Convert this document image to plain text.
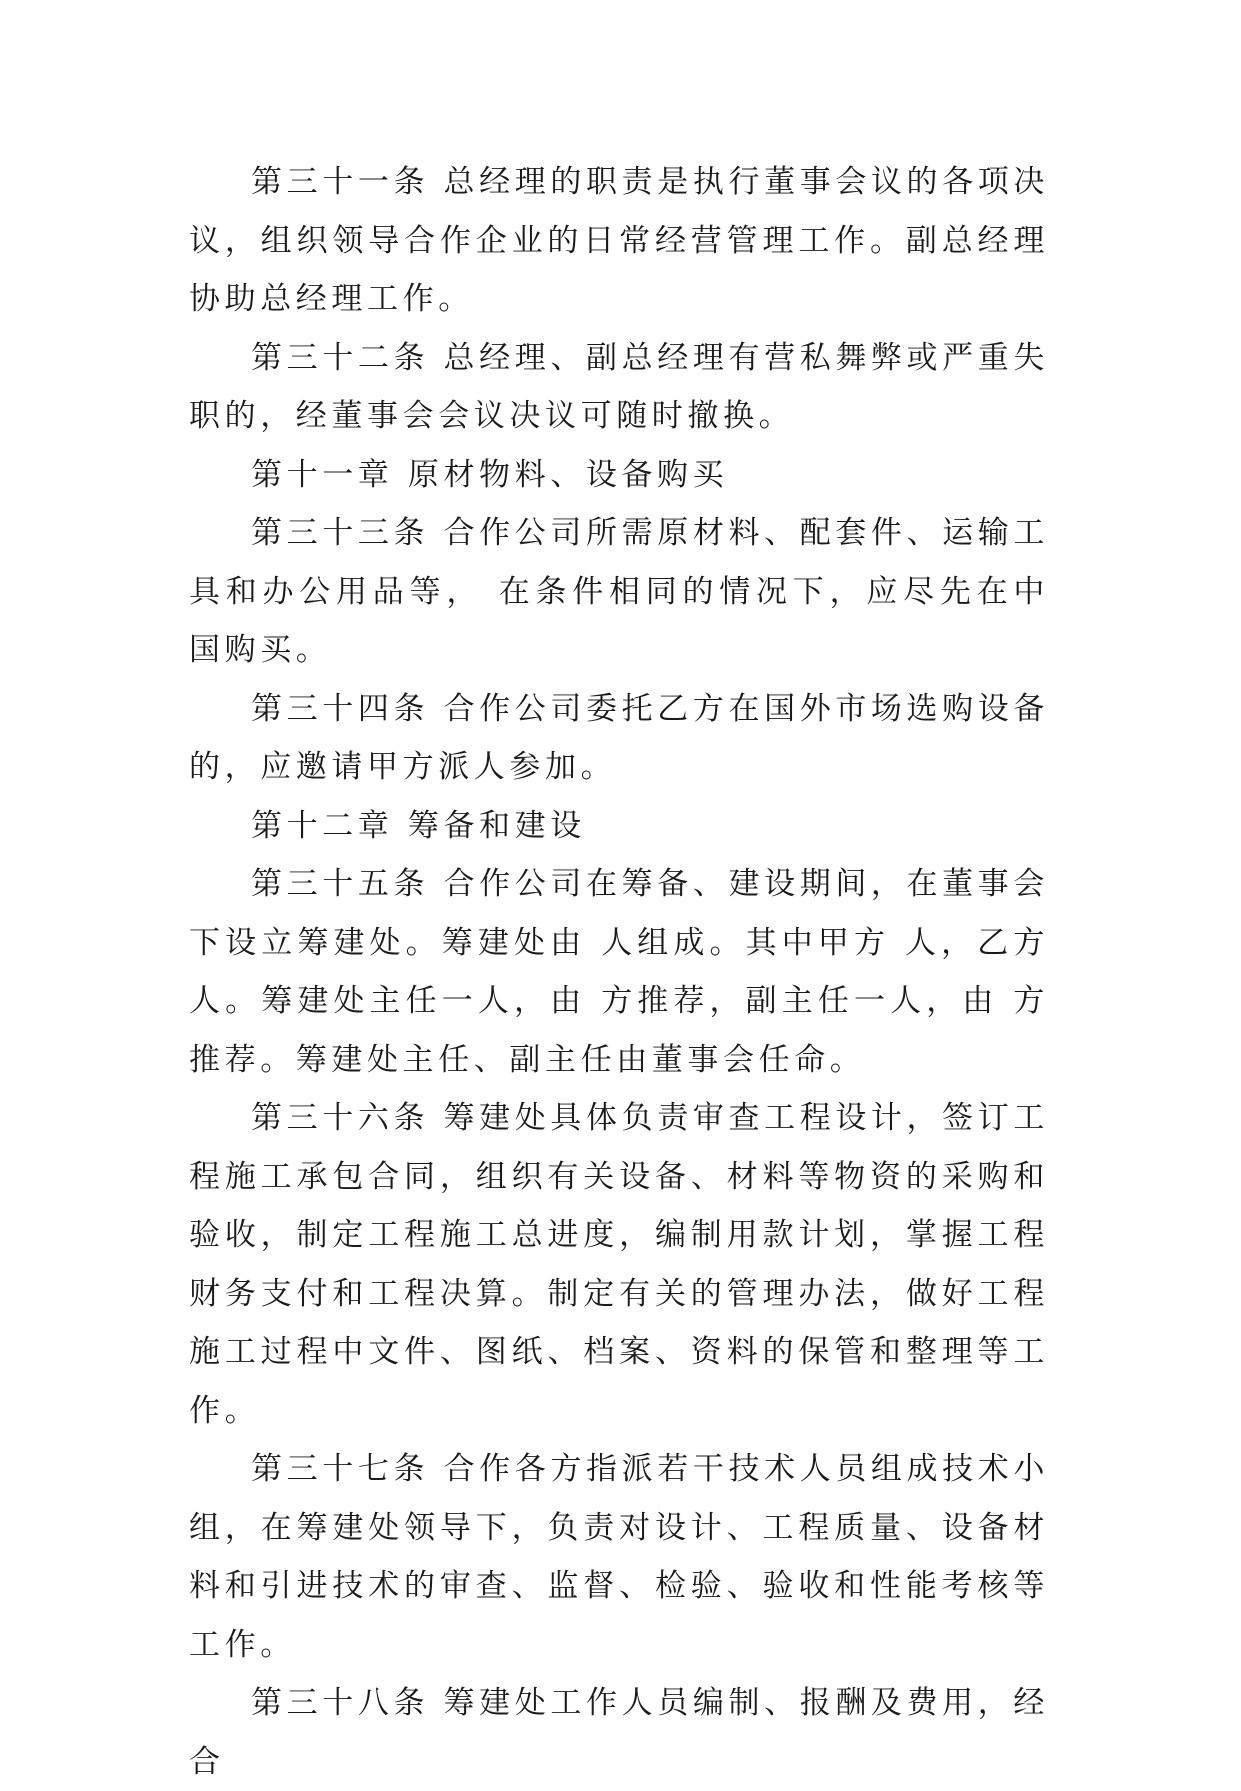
第三十一条 总经理的职责是执行董事会议的各项决议，组织领导合作企业的日常经营管理工作。副总经理协助总经理工作。

第三十二条 总经理、副总经理有营私舞弊或严重失职的，经董事会会议决议可随时撤换。

第十一章 原材物料、设备购买

第三十三条 合作公司所需原材料、配套件、运输工具和办公用品等， 在条件相同的情况下，应尽先在中国购买。

第三十四条 合作公司委托乙方在国外市场选购设备的，应邀请甲方派人参加。

第十二章 筹备和建设

第三十五条 合作公司在筹备、建设期间，在董事会下设立筹建处。筹建处由 人组成。其中甲方 人，乙方 人。筹建处主任一人，由 方推荐，副主任一人，由 方推荐。筹建处主任、副主任由董事会任命。

第三十六条 筹建处具体负责审查工程设计，签订工程施工承包合同，组织有关设备、材料等物资的采购和验收，制定工程施工总进度，编制用款计划，掌握工程财务支付和工程决算。制定有关的管理办法，做好工程施工过程中文件、图纸、档案、资料的保管和整理等工作。

第三十七条 合作各方指派若干技术人员组成技术小组，在筹建处领导下，负责对设计、工程质量、设备材料和引进技术的审查、监督、检验、验收和性能考核等工作。

第三十八条 筹建处工作人员编制、报酬及费用，经合
